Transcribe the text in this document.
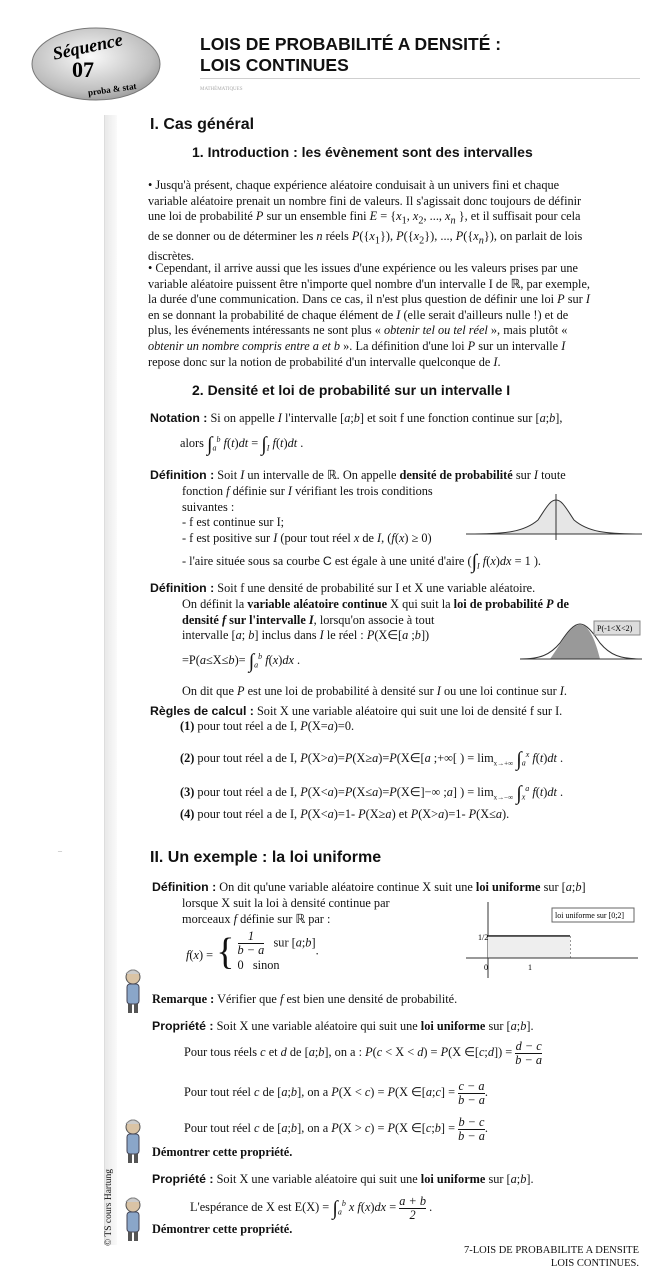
Séquence
07
proba & stat
LOIS DE PROBABILITÉ A DENSITÉ :
LOIS CONTINUES
MATHÉMATIQUES
–
I. Cas général
1. Introduction : les évènement sont des intervalles
• Jusqu'à présent, chaque expérience aléatoire conduisait à un univers fini et chaque
variable aléatoire prenait un nombre fini de valeurs. Il s'agissait donc toujours de définir
une loi de probabilité P sur un ensemble fini $E = \{x_1$, $x_2$, ..., $x_n$ }, et il suffisait pour cela
de se donner ou de déterminer les n réels $P(\{x_1\})$, $P(\{x_2\})$, ..., $P(\{x_n\})$, on parlait de lois
discrètes.
• Cependant, il arrive aussi que les issues d'une expérience ou les valeurs prises par une
variable aléatoire puissent être n'importe quel nombre d'un intervalle I de ℝ, par exemple,
la durée d'une communication. Dans ce cas, il n'est plus question de définir une loi P sur I
en se donnant la probabilité de chaque élément de I (elle serait d'ailleurs nulle !) et de
plus, les événements intéressants ne sont plus « obtenir tel ou tel réel », mais plutôt «
obtenir un nombre compris entre a et b ». La définition d'une loi P sur un intervalle I
repose donc sur la notion de probabilité d'un intervalle quelconque de I.
2. Densité et loi de probabilité sur un intervalle I
Notation : Si on appelle I l'intervalle [a;b] et soit f une fonction continue sur [a;b],
alors $\int_a^b$ $f(t)dt = \int_I$ f(t)dt .
Définition : Soit I un intervalle de ℝ. On appelle densité de probabilité sur I toute
fonction f définie sur I vérifiant les trois conditions
suivantes :
- f est continue sur I;
- f est positive sur I (pour tout réel x de I, (f(x) ≥ 0)
- l'aire située sous sa courbe C est égale à une unité d'aire ($\int_I$ f(x)dx = 1 ).
Définition : Soit f une densité de probabilité sur I et X une variable aléatoire.
On définit la variable aléatoire continue X qui suit la loi de probabilité P de
densité f sur l'intervalle I, lorsqu'on associe à tout
intervalle [a; b] inclus dans I le réel : P(X∈[a ;b])
$=P(a\le X\le b)= \int_a^b$ f(x)dx .
On dit que P est une loi de probabilité à densité sur I ou une loi continue sur I.
P(-1<X<2)
Règles de calcul : Soit X une variable aléatoire qui suit une loi de densité f sur I.
(1) pour tout réel a de I, P(X=a)=0.
(2) pour tout réel a de I, P(X>a)=P(X≥a)=P(X∈[a ;+∞[ ) = $\lim_{x\to+\infty} \int_a^x$ f(t)dt .
(3) pour tout réel a de I, P(X<a)=P(X≤a)=P(X∈]−∞ ;a] ) = $\lim_{x\to-\infty} \int_x^a$ f(t)dt .
(4) pour tout réel a de I, P(X<a)=1- P(X≥a) et P(X>a)=1- P(X≤a).
II. Un exemple : la loi uniforme
Définition : On dit qu'une variable aléatoire continue X suit une loi uniforme sur [a;b]
lorsque X suit la loi à densité continue par
morceaux f définie sur ℝ par :
f(x) = { $\frac{1}{b - a}$ sur [a;b]
0   sinon
.
loi uniforme sur [0;2]
1/2
0	1
Remarque : Vérifier que f est bien une densité de probabilité.
Propriété : Soit X une variable aléatoire qui suit une loi uniforme sur [a;b].
Pour tous réels c et d de [a;b], on a : P(c < X < d) = P(X ∈[c;d]) = $\frac{d - c}{b - a}$
Pour tout réel c de [a;b], on a P(X < c) = P(X ∈[a;c] = $\frac{c - a}{b - a}$ .
Pour tout réel c de [a;b], on a P(X > c) = P(X ∈[c;b] = $\frac{b - c}{b - a}$ .
Démontrer cette propriété.
Propriété : Soit X une variable aléatoire qui suit une loi uniforme sur [a;b].
L'espérance de X est $E(X) = \int_a^b$ x $f(x)dx = \frac{a + b}{2}$ .
Démontrer cette propriété.
© TS cours Hartung
7-LOIS DE PROBABILITE A DENSITE
LOIS CONTINUES.
